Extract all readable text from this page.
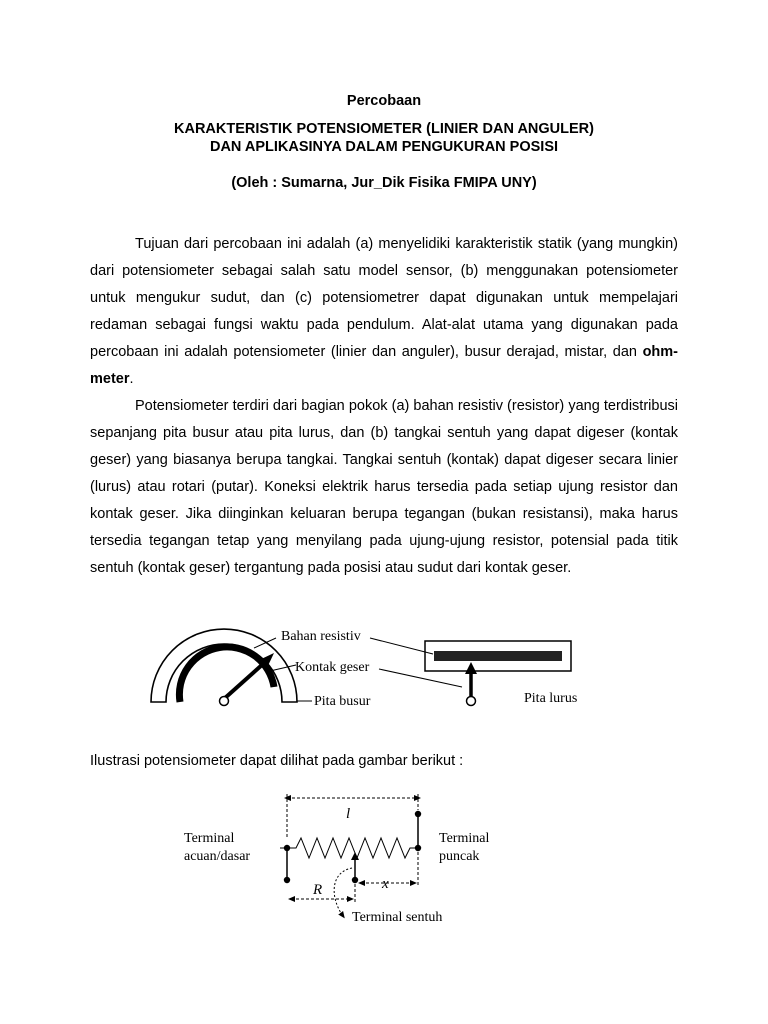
Percobaan
KARAKTERISTIK POTENSIOMETER (LINIER DAN ANGULER)
DAN APLIKASINYA DALAM PENGUKURAN POSISI
(Oleh : Sumarna, Jur_Dik Fisika FMIPA UNY)

Tujuan dari percobaan ini adalah (a) menyelidiki karakteristik statik (yang mungkin) dari potensiometer sebagai salah satu model sensor, (b) menggunakan potensiometer untuk mengukur sudut, dan (c) potensiometrer dapat digunakan untuk mempelajari redaman sebagai fungsi waktu pada pendulum. Alat-alat utama yang digunakan pada percobaan ini adalah potensiometer (linier dan anguler), busur derajad, mistar, dan ohm-meter.

Potensiometer terdiri dari bagian pokok (a) bahan resistiv (resistor) yang terdistribusi sepanjang pita busur atau pita lurus, dan (b) tangkai sentuh yang dapat digeser (kontak geser) yang biasanya berupa tangkai. Tangkai sentuh (kontak) dapat digeser secara linier (lurus) atau rotari (putar). Koneksi elektrik harus tersedia pada setiap ujung resistor dan kontak geser. Jika diinginkan keluaran berupa tegangan (bukan resistansi), maka harus tersedia tegangan tetap yang menyilang pada ujung-ujung resistor, potensial pada titik sentuh (kontak geser) tergantung pada posisi atau sudut dari kontak geser.

Bahan resistiv
Kontak geser
Pita busur	Pita lurus
Ilustrasi potensiometer dapat dilihat pada gambar berikut :
l
Terminal
acuan/dasar
Terminal
puncak
R	x
Terminal sentuh
